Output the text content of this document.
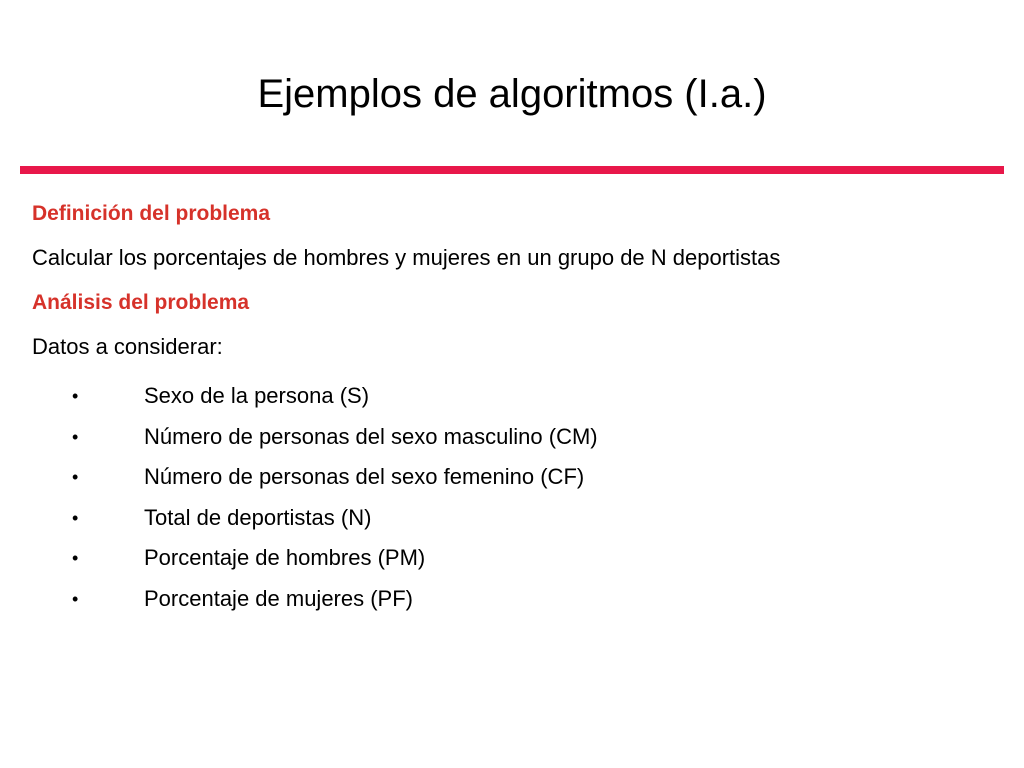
Ejemplos de algoritmos (I.a.)

Definición del problema

Calcular los porcentajes de hombres y mujeres en un grupo de N deportistas

Análisis del problema

Datos a considerar:

•	Sexo de la persona (S)
•	Número de personas del sexo masculino (CM)
•	Número de personas del sexo femenino (CF)
•	Total de deportistas (N)
•	Porcentaje de hombres (PM)
•	Porcentaje de mujeres (PF)
